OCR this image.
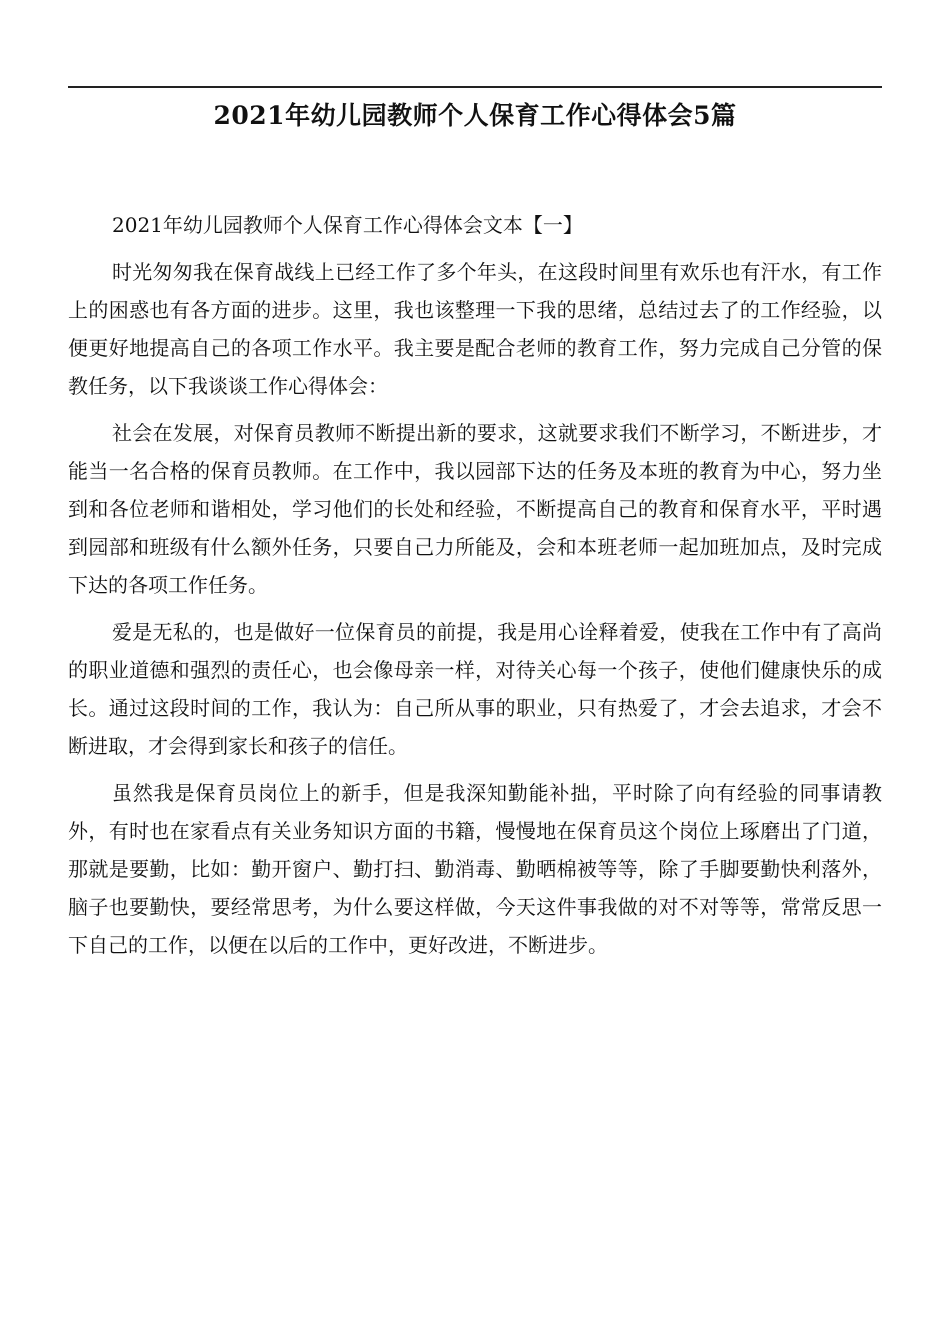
2021年幼儿园教师个人保育工作心得体会5篇

2021年幼儿园教师个人保育工作心得体会文本【一】

时光匆匆我在保育战线上已经工作了多个年头，在这段时间里有欢乐也有汗水，有工作上的困惑也有各方面的进步。这里，我也该整理一下我的思绪，总结过去了的工作经验，以便更好地提高自己的各项工作水平。我主要是配合老师的教育工作，努力完成自己分管的保教任务，以下我谈谈工作心得体会：

社会在发展，对保育员教师不断提出新的要求，这就要求我们不断学习，不断进步，才能当一名合格的保育员教师。在工作中，我以园部下达的任务及本班的教育为中心，努力坐到和各位老师和谐相处，学习他们的长处和经验，不断提高自己的教育和保育水平，平时遇到园部和班级有什么额外任务，只要自己力所能及，会和本班老师一起加班加点，及时完成下达的各项工作任务。

爱是无私的，也是做好一位保育员的前提，我是用心诠释着爱，使我在工作中有了高尚的职业道德和强烈的责任心，也会像母亲一样，对待关心每一个孩子，使他们健康快乐的成长。通过这段时间的工作，我认为：自己所从事的职业，只有热爱了，才会去追求，才会不断进取，才会得到家长和孩子的信任。

虽然我是保育员岗位上的新手，但是我深知勤能补拙，平时除了向有经验的同事请教外，有时也在家看点有关业务知识方面的书籍，慢慢地在保育员这个岗位上琢磨出了门道，那就是要勤，比如：勤开窗户、勤打扫、勤消毒、勤晒棉被等等，除了手脚要勤快利落外，脑子也要勤快，要经常思考，为什么要这样做，今天这件事我做的对不对等等，常常反思一下自己的工作，以便在以后的工作中，更好改进，不断进步。
